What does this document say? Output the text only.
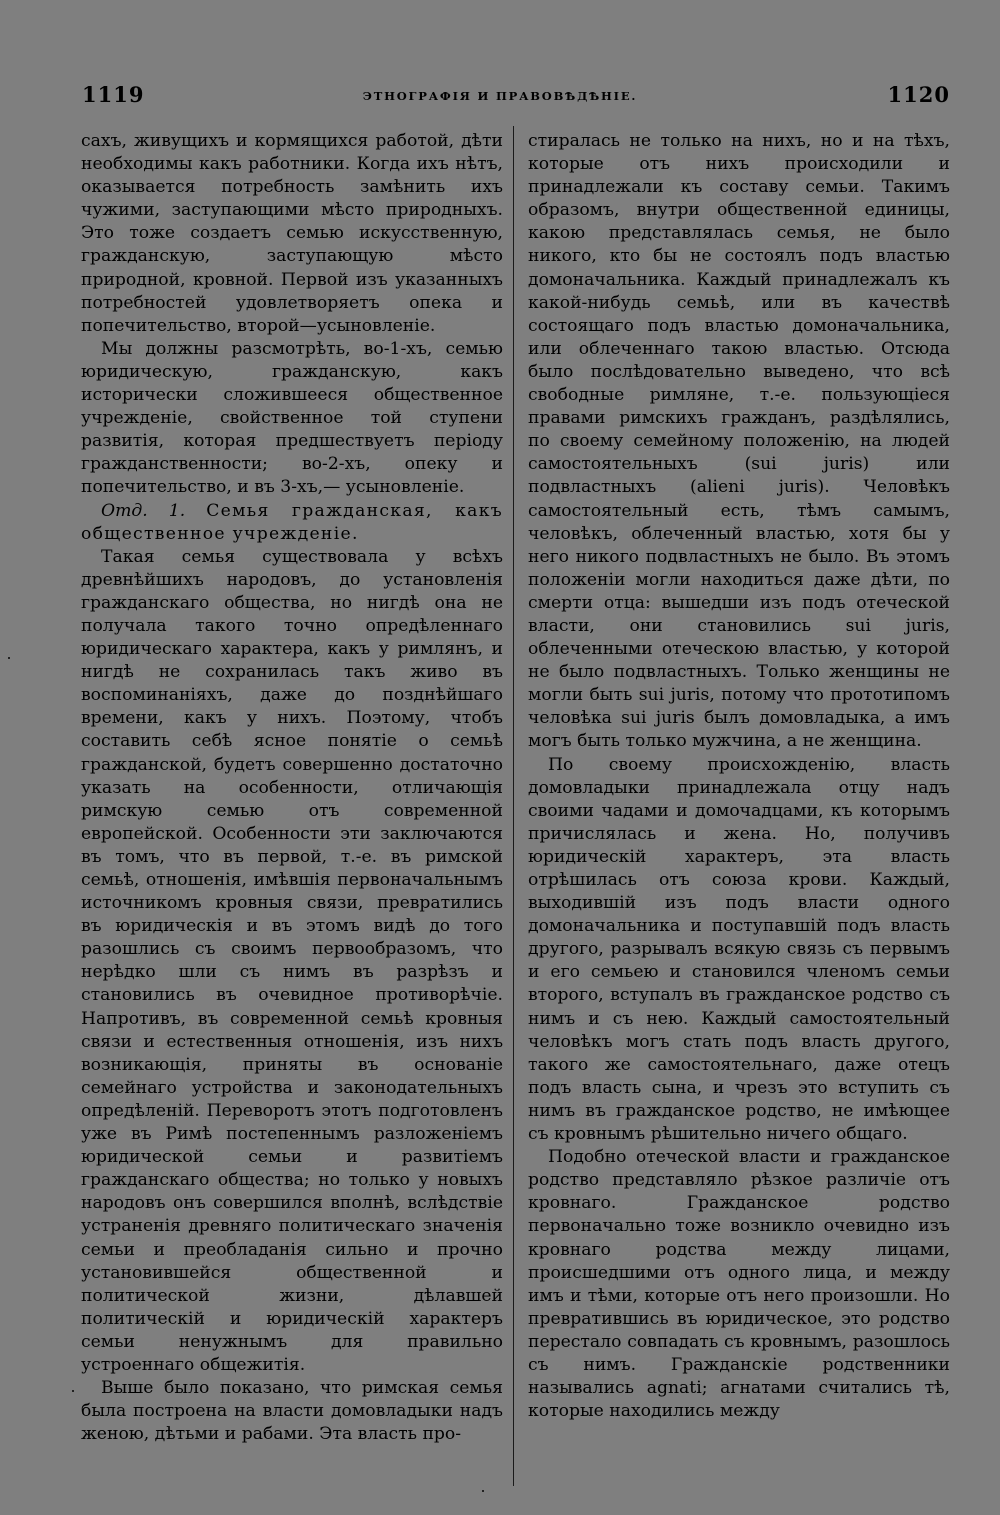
1119	ЭТНОГРАФІЯ И ПРАВОВѢДѢНІЕ.	1120

сахъ, живущихъ и кормящихся работой, дѣти необходимы какъ работники. Когда ихъ нѣтъ, оказывается потребность замѣнить ихъ чужими, заступающими мѣсто природныхъ. Это тоже создаетъ семью искусственную, гражданскую, заступающую мѣсто природной, кровной. Первой изъ указанныхъ потребностей удовлетворяетъ опека и попечительство, второй—усыновленіе.

Мы должны разсмотрѣть, во-1-хъ, семью юридическую, гражданскую, какъ исторически сложившееся общественное учрежденіе, свойственное той ступени развитія, которая предшествуетъ періоду гражданственности; во-2-хъ, опеку и попечительство, и въ 3-хъ,— усыновленіе.

Отд. 1. Семья гражданская, какъ общественное учрежденіе.

Такая семья существовала у всѣхъ древнѣйшихъ народовъ, до установленія гражданскаго общества, но нигдѣ она не получала такого точно опредѣленнаго юридическаго характера, какъ у римлянъ, и нигдѣ не сохранилась такъ живо въ воспоминаніяхъ, даже до позднѣйшаго времени, какъ у нихъ. Поэтому, чтобъ составить себѣ ясное понятіе о семьѣ гражданской, будетъ совершенно достаточно указать на особенности, отличающія римскую семью отъ современной европейской. Особенности эти заключаются въ томъ, что въ первой, т.-е. въ римской семьѣ, отношенія, имѣвшія первоначальнымъ источникомъ кровныя связи, превратились въ юридическія и въ этомъ видѣ до того разошлись съ своимъ первообразомъ, что нерѣдко шли съ нимъ въ разрѣзъ и становились въ очевидное противорѣчіе. Напротивъ, въ современной семьѣ кровныя связи и естественныя отношенія, изъ нихъ возникающія, приняты въ основаніе семейнаго устройства и законодательныхъ опредѣленій. Переворотъ этотъ подготовленъ уже въ Римѣ постепеннымъ разложеніемъ юридической семьи и развитіемъ гражданскаго общества; но только у новыхъ народовъ онъ совершился вполнѣ, вслѣдствіе устраненія древняго политическаго значенія семьи и преобладанія сильно и прочно установившейся общественной и политической жизни, дѣлавшей политическій и юридическій характеръ семьи ненужнымъ для правильно устроеннаго общежитія.

Выше было показано, что римская семья была построена на власти домовладыки надъ женою, дѣтьми и рабами. Эта власть про-

стиралась не только на нихъ, но и на тѣхъ, которые отъ нихъ происходили и принадлежали къ составу семьи. Такимъ образомъ, внутри общественной единицы, какою представлялась семья, не было никого, кто бы не состоялъ подъ властью домоначальника. Каждый принадлежалъ къ какой-нибудь семьѣ, или въ качествѣ состоящаго подъ властью домоначальника, или облеченнаго такою властью. Отсюда было послѣдовательно выведено, что всѣ свободные римляне, т.-е. пользующіеся правами римскихъ гражданъ, раздѣлялись, по своему семейному положенію, на людей самостоятельныхъ (sui juris) или подвластныхъ (alieni juris). Человѣкъ самостоятельный есть, тѣмъ самымъ, человѣкъ, облеченный властью, хотя бы у него никого подвластныхъ не было. Въ этомъ положеніи могли находиться даже дѣти, по смерти отца: вышедши изъ подъ отеческой власти, они становились sui juris, облеченными отеческою властью, у которой не было подвластныхъ. Только женщины не могли быть sui juris, потому что прототипомъ человѣка sui juris былъ домовладыка, а имъ могъ быть только мужчина, а не женщина.

По своему происхожденію, власть домовладыки принадлежала отцу надъ своими чадами и домочадцами, къ которымъ причислялась и жена. Но, получивъ юридическій характеръ, эта власть отрѣшилась отъ союза крови. Каждый, выходившій изъ подъ власти одного домоначальника и поступавшій подъ власть другого, разрывалъ всякую связь съ первымъ и его семьею и становился членомъ семьи второго, вступалъ въ гражданское родство съ нимъ и съ нею. Каждый самостоятельный человѣкъ могъ стать подъ власть другого, такого же самостоятельнаго, даже отецъ подъ власть сына, и чрезъ это вступить съ нимъ въ гражданское родство, не имѣющее съ кровнымъ рѣшительно ничего общаго.

Подобно отеческой власти и гражданское родство представляло рѣзкое различіе отъ кровнаго. Гражданское родство первоначально тоже возникло очевидно изъ кровнаго родства между лицами, происшедшими отъ одного лица, и между имъ и тѣми, которые отъ него произошли. Но превратившись въ юридическое, это родство перестало совпадать съ кровнымъ, разошлось съ нимъ. Гражданскіе родственники назывались agnati; агнатами считались тѣ, которые находились между
